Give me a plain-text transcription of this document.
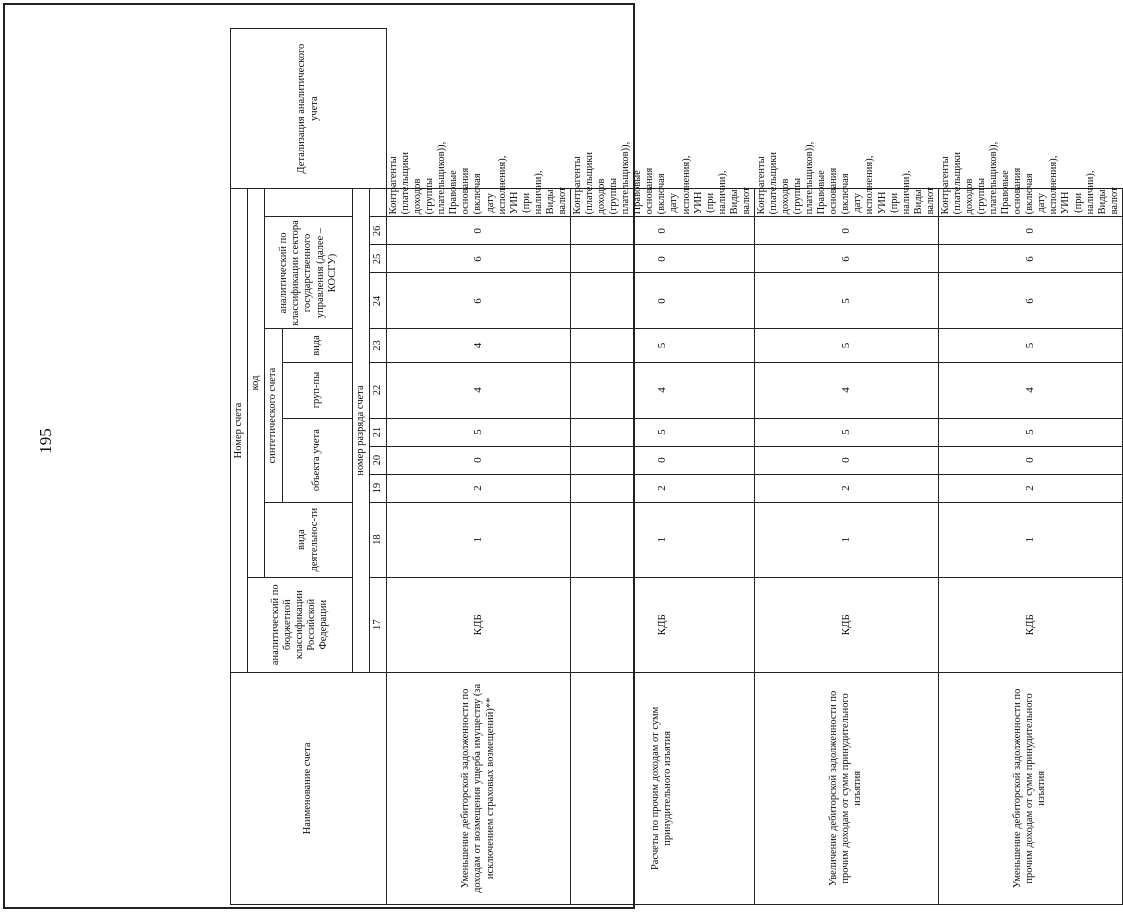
195
Наименование счета	Номер счета											Детализация аналитического учета
	аналитический по бюджетной классификации Российской Федерации	код										
		вида деятельнос-ти	синтетического счета					аналитический по классификации сектора государственного управления (далее – КОСГУ)				
			объекта учета			груп-пы	вида					
	номер разряда счета											
	17	18	19	20	21	22	23	24	25	26		
Уменьшение дебиторской задолженности по доходам от возмещения ущерба имуществу (за исключением страховых возмещений)**	КДБ	1	2	0	5	4	4	6	6	0	Контрагенты (плательщики доходов (группы плательщиков)), Правовые основания (включая дату исполнения), УИН (при наличии), Виды валют	
Расчеты по прочим доходам от сумм принудительного изъятия	КДБ	1	2	0	5	4	5	0	0	0	Контрагенты (плательщики доходов (группы плательщиков)), Правовые основания (включая дату исполнения), УИН (при наличии), Виды валют	
Увеличение дебиторской задолженности по прочим доходам от сумм принудительного изъятия	КДБ	1	2	0	5	4	5	5	6	0	Контрагенты (плательщики доходов (группы плательщиков)), Правовые основания (включая дату исполнения), УИН (при наличии), Виды валют	
Уменьшение дебиторской задолженности по прочим доходам от сумм принудительного изъятия	КДБ	1	2	0	5	4	5	6	6	0	Контрагенты (плательщики доходов (группы плательщиков)), Правовые основания (включая дату исполнения), УИН (при наличии), Виды валют	
